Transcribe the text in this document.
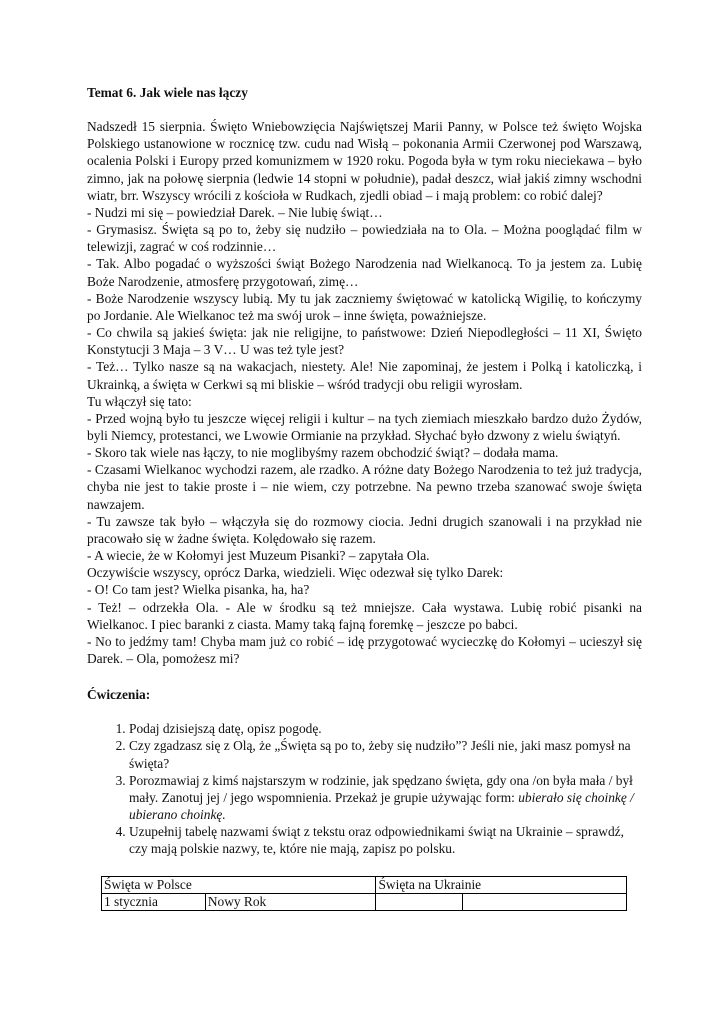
Temat 6. Jak wiele nas łączy

Nadszedł 15 sierpnia. Święto Wniebowzięcia Najświętszej Marii Panny, w Polsce też święto Wojska Polskiego ustanowione w rocznicę tzw. cudu nad Wisłą – pokonania Armii Czerwonej pod Warszawą, ocalenia Polski i Europy przed komunizmem w 1920 roku. Pogoda była w tym roku nieciekawa – było zimno, jak na połowę sierpnia (ledwie 14 stopni w południe), padał deszcz, wiał jakiś zimny wschodni wiatr, brr. Wszyscy wrócili z kościoła w Rudkach, zjedli obiad – i mają problem: co robić dalej?

- Nudzi mi się – powiedział Darek. – Nie lubię świąt…

- Grymasisz. Święta są po to, żeby się nudziło – powiedziała na to Ola. – Można pooglądać film w telewizji, zagrać w coś rodzinnie…

- Tak. Albo pogadać o wyższości świąt Bożego Narodzenia nad Wielkanocą. To ja jestem za. Lubię Boże Narodzenie, atmosferę przygotowań, zimę…

- Boże Narodzenie wszyscy lubią. My tu jak zaczniemy świętować w katolicką Wigilię, to kończymy po Jordanie. Ale Wielkanoc też ma swój urok – inne święta, poważniejsze.

- Co chwila są jakieś święta: jak nie religijne, to państwowe: Dzień Niepodległości – 11 XI, Święto Konstytucji 3 Maja – 3 V… U was też tyle jest?

- Też… Tylko nasze są na wakacjach, niestety. Ale! Nie zapominaj, że jestem i Polką i katoliczką, i Ukrainką, a święta w Cerkwi są mi bliskie – wśród tradycji obu religii wyrosłam.

Tu włączył się tato:

- Przed wojną było tu jeszcze więcej religii i kultur – na tych ziemiach mieszkało bardzo dużo Żydów, byli Niemcy, protestanci, we Lwowie Ormianie na przykład. Słychać było dzwony z wielu świątyń.

- Skoro tak wiele nas łączy, to nie moglibyśmy razem obchodzić świąt? – dodała mama.

- Czasami Wielkanoc wychodzi razem, ale rzadko. A różne daty Bożego Narodzenia to też już tradycja, chyba nie jest to takie proste i – nie wiem, czy potrzebne. Na pewno trzeba szanować swoje święta nawzajem.

- Tu zawsze tak było – włączyła się do rozmowy ciocia. Jedni drugich szanowali i na przykład nie pracowało się w żadne święta. Kolędowało się razem.

- A wiecie, że w Kołomyi jest Muzeum Pisanki? – zapytała Ola.

Oczywiście wszyscy, oprócz Darka, wiedzieli. Więc odezwał się tylko Darek:

- O! Co tam jest? Wielka pisanka, ha, ha?

- Też! – odrzekła Ola. - Ale w środku są też mniejsze. Cała wystawa. Lubię robić pisanki na Wielkanoc. I piec baranki z ciasta. Mamy taką fajną foremkę – jeszcze po babci.

- No to jedźmy tam! Chyba mam już co robić – idę przygotować wycieczkę do Kołomyi – ucieszył się Darek. – Ola, pomożesz mi?

Ćwiczenia:
1. Podaj dzisiejszą datę, opisz pogodę.
2. Czy zgadzasz się z Olą, że „Święta są po to, żeby się nudziło”? Jeśli nie, jaki masz pomysł na święta?
3. Porozmawiaj z kimś najstarszym w rodzinie, jak spędzano święta, gdy ona /on była mała / był mały. Zanotuj jej / jego wspomnienia. Przekaż je grupie używając form: ubierało się choinkę / ubierano choinkę.
4. Uzupełnij tabelę nazwami świąt z tekstu oraz odpowiednikami świąt na Ukrainie – sprawdź, czy mają polskie nazwy, te, które nie mają, zapisz po polsku.
Święta w Polsce		Święta na Ukrainie	
1 stycznia	Nowy Rok		
